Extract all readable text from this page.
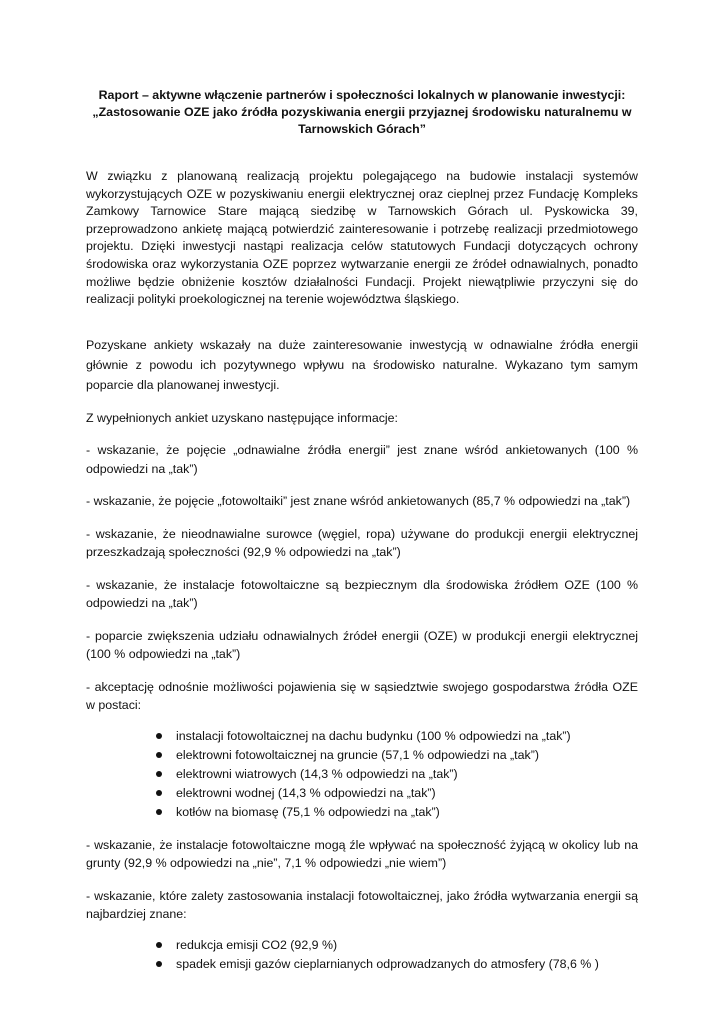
Raport – aktywne włączenie partnerów i społeczności lokalnych w planowanie inwestycji:
„Zastosowanie OZE jako źródła pozyskiwania energii przyjaznej środowisku naturalnemu w
Tarnowskich Górach”

W związku z planowaną realizacją projektu polegającego na budowie instalacji systemów wykorzystujących OZE w pozyskiwaniu energii elektrycznej oraz cieplnej przez Fundację Kompleks Zamkowy Tarnowice Stare mającą siedzibę w Tarnowskich Górach ul. Pyskowicka 39, przeprowadzono ankietę mającą potwierdzić zainteresowanie i potrzebę realizacji przedmiotowego projektu. Dzięki inwestycji nastąpi realizacja celów statutowych Fundacji dotyczących ochrony środowiska oraz wykorzystania OZE poprzez wytwarzanie energii ze źródeł odnawialnych, ponadto możliwe będzie obniżenie kosztów działalności Fundacji. Projekt niewątpliwie przyczyni się do realizacji polityki proekologicznej na terenie województwa śląskiego.

Pozyskane ankiety wskazały na duże zainteresowanie inwestycją w odnawialne źródła energii głównie z powodu ich pozytywnego wpływu na środowisko naturalne. Wykazano tym samym poparcie dla planowanej inwestycji.

Z wypełnionych ankiet uzyskano następujące informacje:

- wskazanie, że pojęcie „odnawialne źródła energii” jest znane wśród ankietowanych (100 % odpowiedzi na „tak”)

- wskazanie, że pojęcie „fotowoltaiki” jest znane wśród ankietowanych (85,7 % odpowiedzi na „tak”)

- wskazanie, że nieodnawialne surowce (węgiel, ropa) używane do produkcji energii elektrycznej przeszkadzają społeczności (92,9 % odpowiedzi na „tak”)

- wskazanie, że instalacje fotowoltaiczne są bezpiecznym dla środowiska źródłem OZE (100 % odpowiedzi na „tak”)

- poparcie zwiększenia udziału odnawialnych źródeł energii (OZE) w produkcji energii elektrycznej (100 % odpowiedzi na „tak”)

- akceptację odnośnie możliwości pojawienia się w sąsiedztwie swojego gospodarstwa źródła OZE w postaci:

instalacji fotowoltaicznej na dachu budynku (100 % odpowiedzi na „tak”)
elektrowni fotowoltaicznej na gruncie (57,1 % odpowiedzi na „tak”)
elektrowni wiatrowych (14,3 % odpowiedzi na „tak”)
elektrowni wodnej (14,3 % odpowiedzi na „tak”)
kotłów na biomasę (75,1 % odpowiedzi na „tak”)

- wskazanie, że instalacje fotowoltaiczne mogą źle wpływać na społeczność żyjącą w okolicy lub na grunty (92,9 % odpowiedzi na „nie”, 7,1 % odpowiedzi „nie wiem”)

- wskazanie, które zalety zastosowania instalacji fotowoltaicznej, jako źródła wytwarzania energii są najbardziej znane:

redukcja emisji CO2 (92,9 %)
spadek emisji gazów cieplarnianych odprowadzanych do atmosfery (78,6 % )
